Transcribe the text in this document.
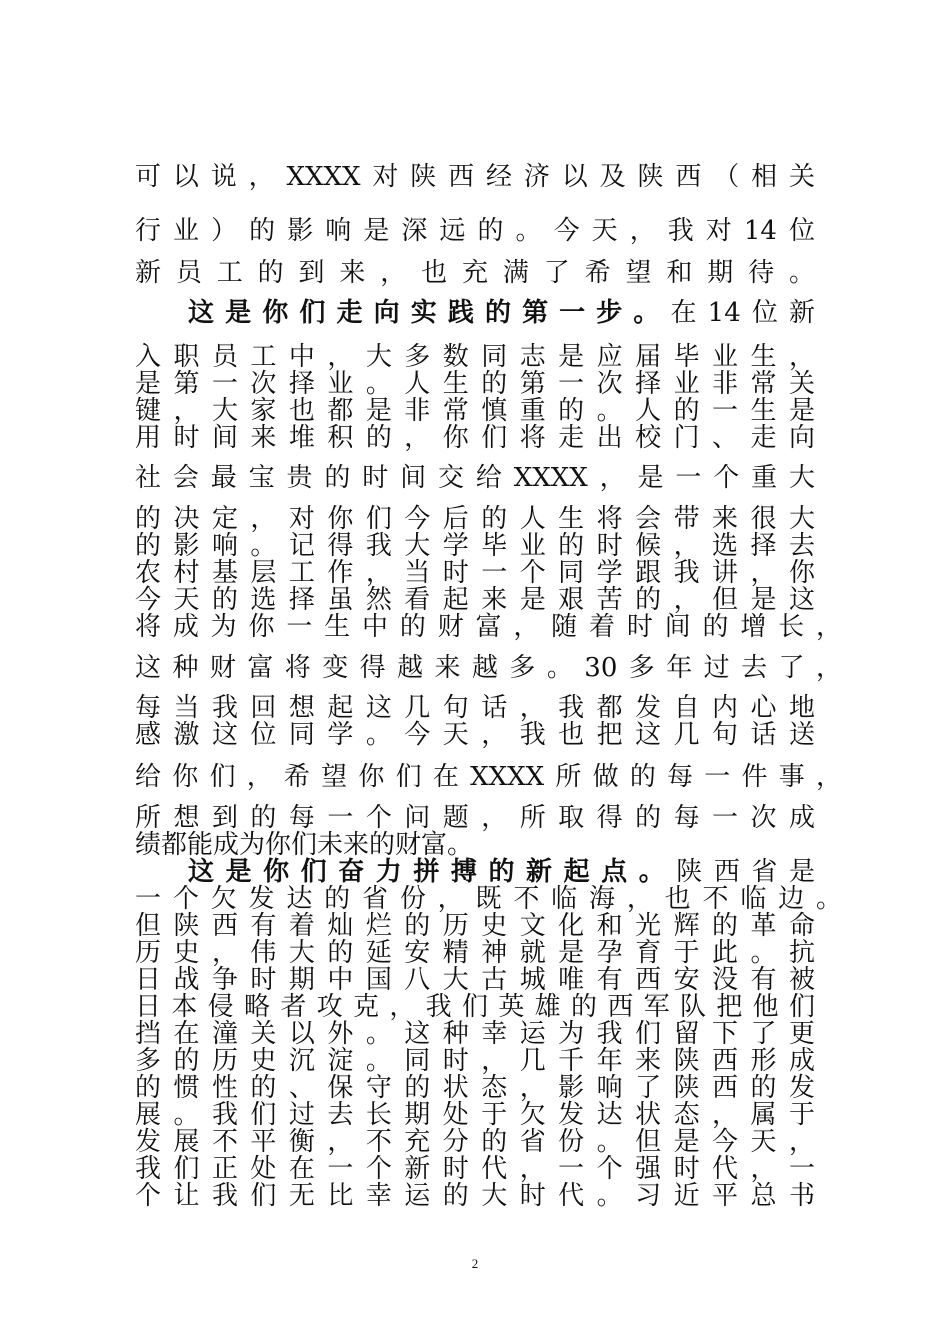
可以说，XXXX对陕西经济以及陕西（相关
行业）的影响是深远的。今天，我对14位
新员工的到来，也充满了希望和期待。
这是你们走向实践的第一步。在14位新
入职员工中，大多数同志是应届毕业生，
是第一次择业。人生的第一次择业非常关
键，大家也都是非常慎重的。人的一生是
用时间来堆积的，你们将走出校门、走向
社会最宝贵的时间交给XXXX，是一个重大
的决定，对你们今后的人生将会带来很大
的影响。记得我大学毕业的时候，选择去
农村基层工作，当时一个同学跟我讲，你
今天的选择虽然看起来是艰苦的，但是这
将成为你一生中的财富，随着时间的增长，
这种财富将变得越来越多。30多年过去了，
每当我回想起这几句话，我都发自内心地
感激这位同学。今天，我也把这几句话送
给你们，希望你们在XXXX所做的每一件事，
所想到的每一个问题，所取得的每一次成
绩都能成为你们未来的财富。
这是你们奋力拼搏的新起点。陕西省是
一个欠发达的省份，既不临海，也不临边。
但陕西有着灿烂的历史文化和光辉的革命
历史，伟大的延安精神就是孕育于此。抗
日战争时期中国八大古城唯有西安没有被
日本侵略者攻克，我们英雄的西军队把他们
挡在潼关以外。这种幸运为我们留下了更
多的历史沉淀。同时，几千年来陕西形成
的惯性的、保守的状态，影响了陕西的发
展。我们过去长期处于欠发达状态，属于
发展不平衡，不充分的省份。但是今天，
我们正处在一个新时代，一个强时代，一
个让我们无比幸运的大时代。习近平总书
2
